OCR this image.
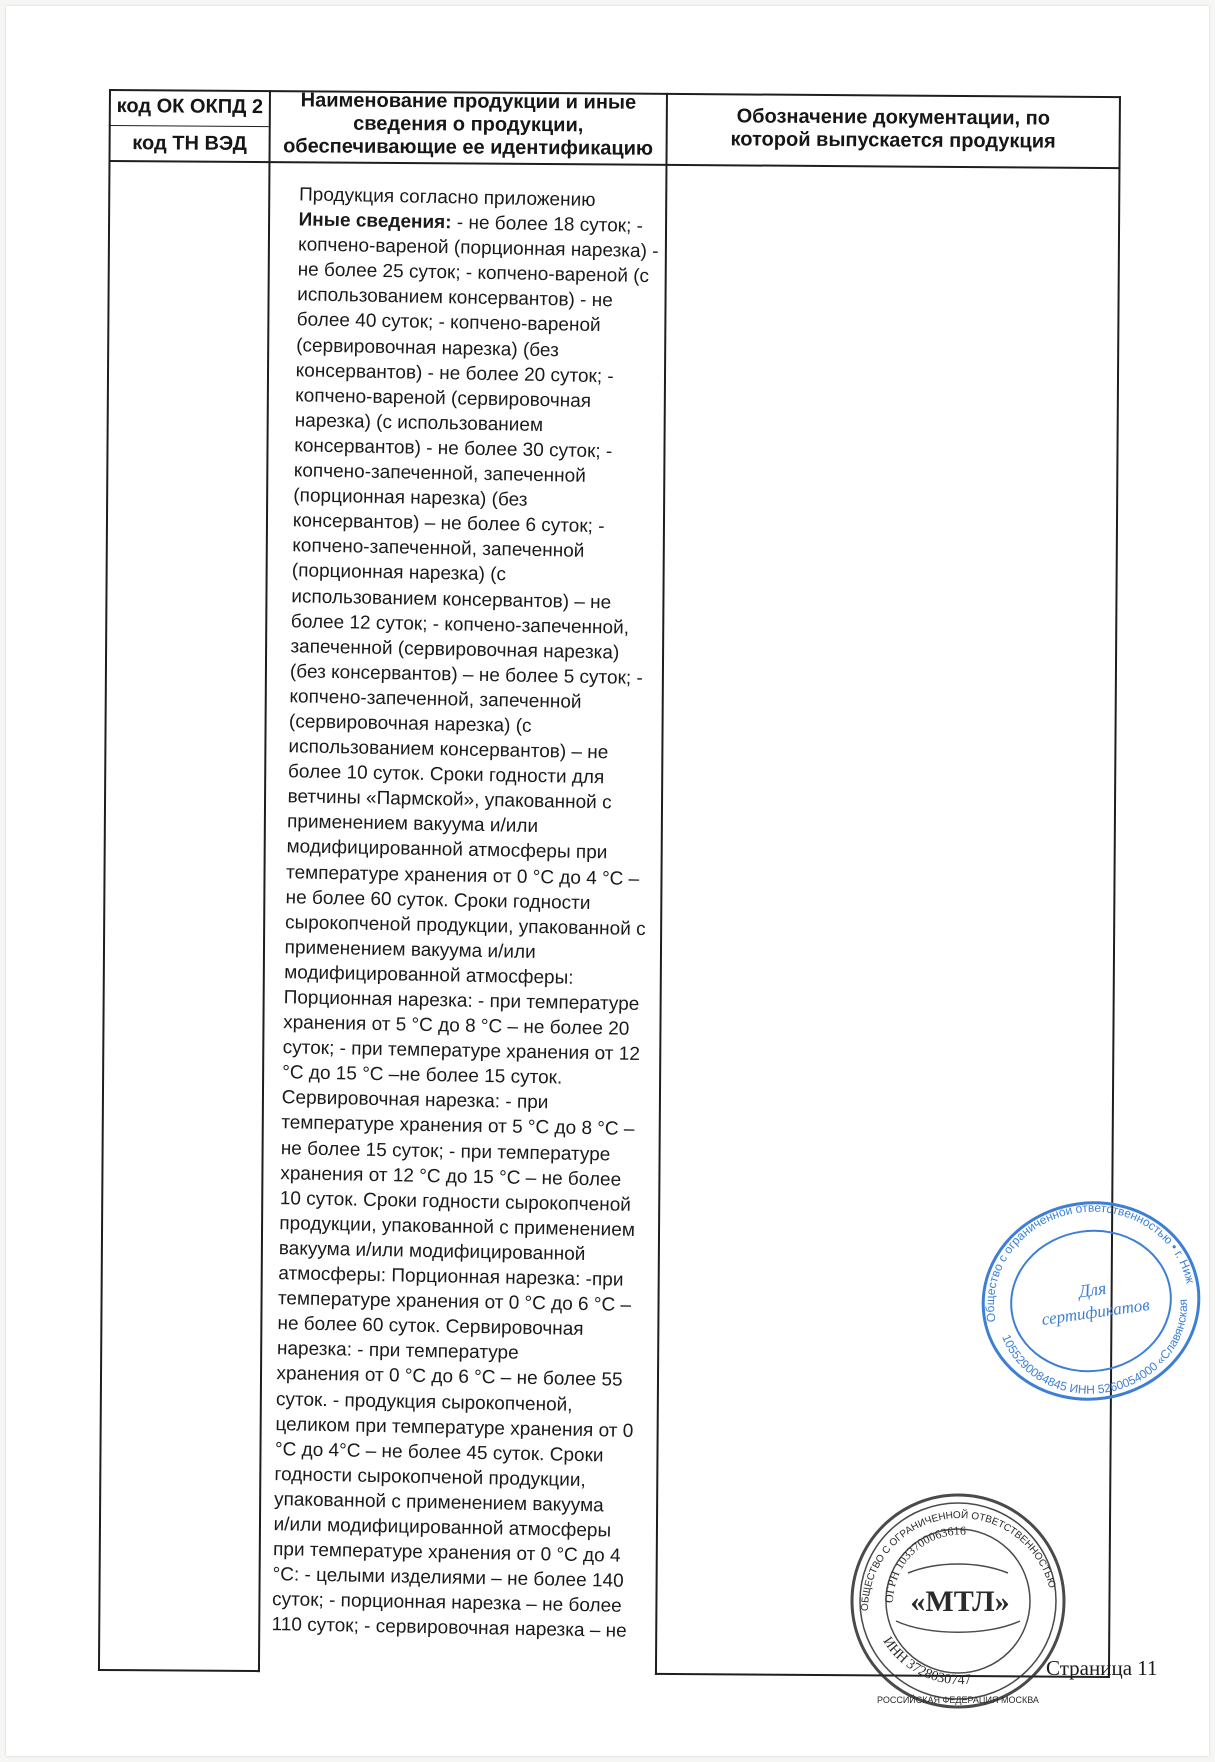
код ОК ОКПД 2
код ТН ВЭД
Наименование продукции и иные
сведения о продукции,
обеспечивающие ее идентификацию
Обозначение документации, по
которой выпускается продукция
Продукция согласно приложению
Иные сведения: - не более 18 суток; -
копчено-вареной (порционная нарезка) -
не более 25 суток; - копчено-вареной (с
использованием консервантов) - не
более 40 суток; - копчено-вареной
(сервировочная нарезка) (без
консервантов) - не более 20 суток; -
копчено-вареной (сервировочная
нарезка) (с использованием
консервантов) - не более 30 суток; -
копчено-запеченной, запеченной
(порционная нарезка) (без
консервантов) – не более 6 суток; -
копчено-запеченной, запеченной
(порционная нарезка) (с
использованием консервантов) – не
более 12 суток; - копчено-запеченной,
запеченной (сервировочная нарезка)
(без консервантов) – не более 5 суток; -
копчено-запеченной, запеченной
(сервировочная нарезка) (с
использованием консервантов) – не
более 10 суток. Сроки годности для
ветчины «Пармской», упакованной с
применением вакуума и/или
модифицированной атмосферы при
температуре хранения от 0 °С до 4 °С –
не более 60 суток. Сроки годности
сырокопченой продукции, упакованной с
применением вакуума и/или
модифицированной атмосферы:
Порционная нарезка: - при температуре
хранения от 5 °С до 8 °С – не более 20
суток; - при температуре хранения от 12
°С до 15 °С –не более 15 суток.
Сервировочная нарезка: - при
температуре хранения от 5 °С до 8 °С –
не более 15 суток; - при температуре
хранения от 12 °С до 15 °С – не более
10 суток. Сроки годности сырокопченой
продукции, упакованной с применением
вакуума и/или модифицированной
атмосферы: Порционная нарезка: -при
температуре хранения от 0 °С до 6 °С –
не более 60 суток. Сервировочная
нарезка: - при температуре
хранения от 0 °С до 6 °С – не более 55
суток. - продукция сырокопченой,
целиком при температуре хранения от 0
°С до 4°С – не более 45 суток. Сроки
годности сырокопченой продукции,
упакованной с применением вакуума
и/или модифицированной атмосферы
при температуре хранения от 0 °С до 4
°С: - целыми изделиями – не более 140
суток; - порционная нарезка – не более
110 суток; - сервировочная нарезка – не
Общество с ограниченной ответственностью • г. Нижний
1055290084845 ИНН 5260054000 «Славянская
Для
сертификатов
ОБЩЕСТВО С ОГРАНИЧЕННОЙ ОТВЕТСТВЕННОСТЬЮ
ОГРН 1033700063616
«МТЛ»
ИНН 3728030747
РОССИЙСКАЯ ФЕДЕРАЦИЯ МОСКВА
Страница 11
